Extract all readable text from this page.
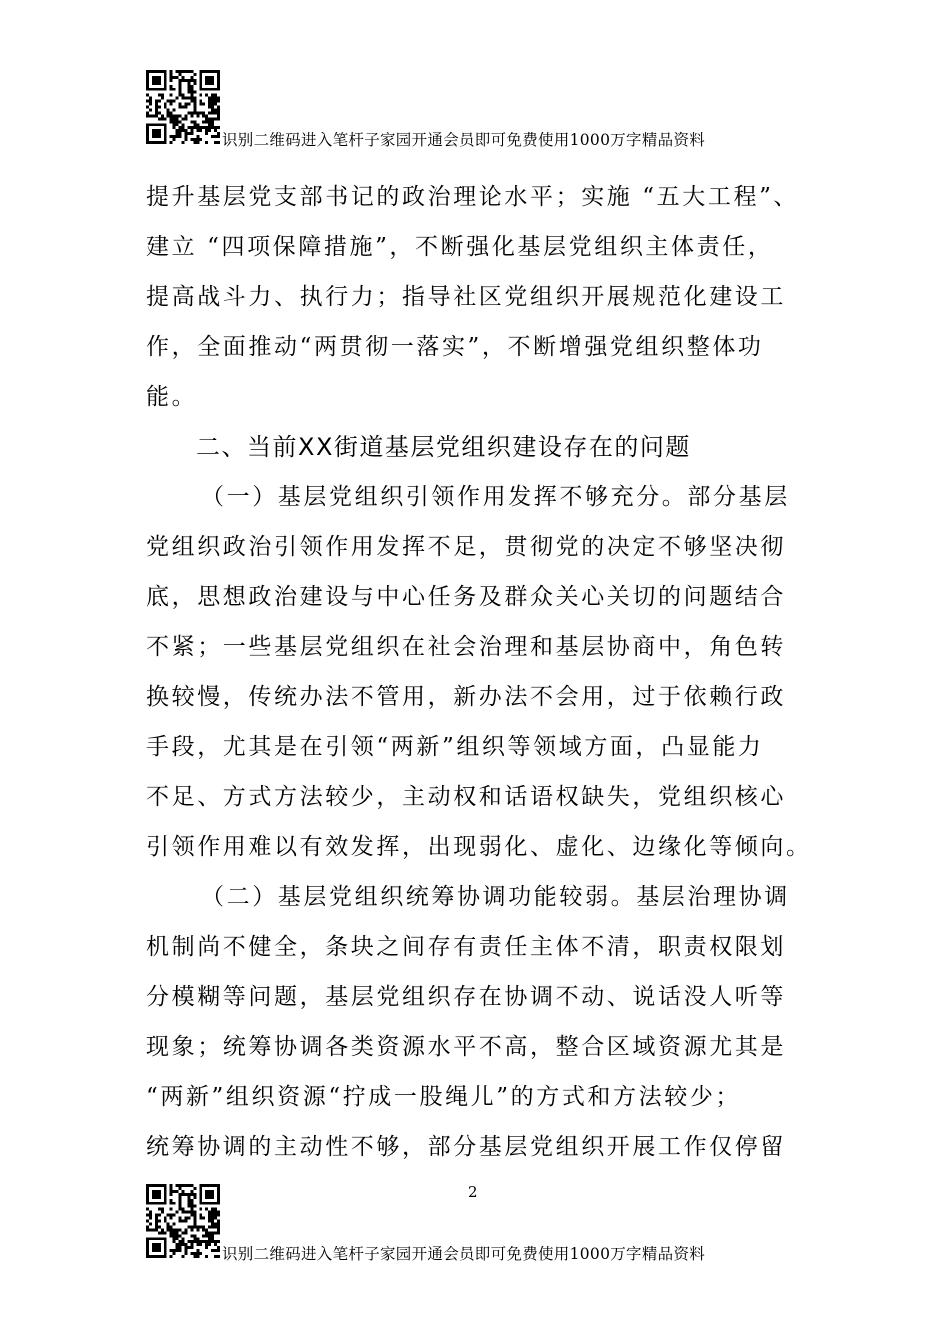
识别二维码进入笔杆子家园开通会员即可免费使用1000万字精品资料
提升基层党支部书记的政治理论水平；实施 “五大工程”、
建立 “四项保障措施”，不断强化基层党组织主体责任，
提高战斗力、执行力；指导社区党组织开展规范化建设工
作，全面推动“两贯彻一落实”，不断增强党组织整体功
能。
二、当前XX街道基层党组织建设存在的问题
（一）基层党组织引领作用发挥不够充分。部分基层
党组织政治引领作用发挥不足，贯彻党的决定不够坚决彻
底，思想政治建设与中心任务及群众关心关切的问题结合
不紧；一些基层党组织在社会治理和基层协商中，角色转
换较慢，传统办法不管用，新办法不会用，过于依赖行政
手段，尤其是在引领“两新”组织等领域方面，凸显能力
不足、方式方法较少，主动权和话语权缺失，党组织核心
引领作用难以有效发挥，出现弱化、虚化、边缘化等倾向。
（二）基层党组织统筹协调功能较弱。基层治理协调
机制尚不健全，条块之间存有责任主体不清，职责权限划
分模糊等问题，基层党组织存在协调不动、说话没人听等
现象；统筹协调各类资源水平不高，整合区域资源尤其是
“两新”组织资源“拧成一股绳儿”的方式和方法较少；
统筹协调的主动性不够，部分基层党组织开展工作仅停留
2
识别二维码进入笔杆子家园开通会员即可免费使用1000万字精品资料
